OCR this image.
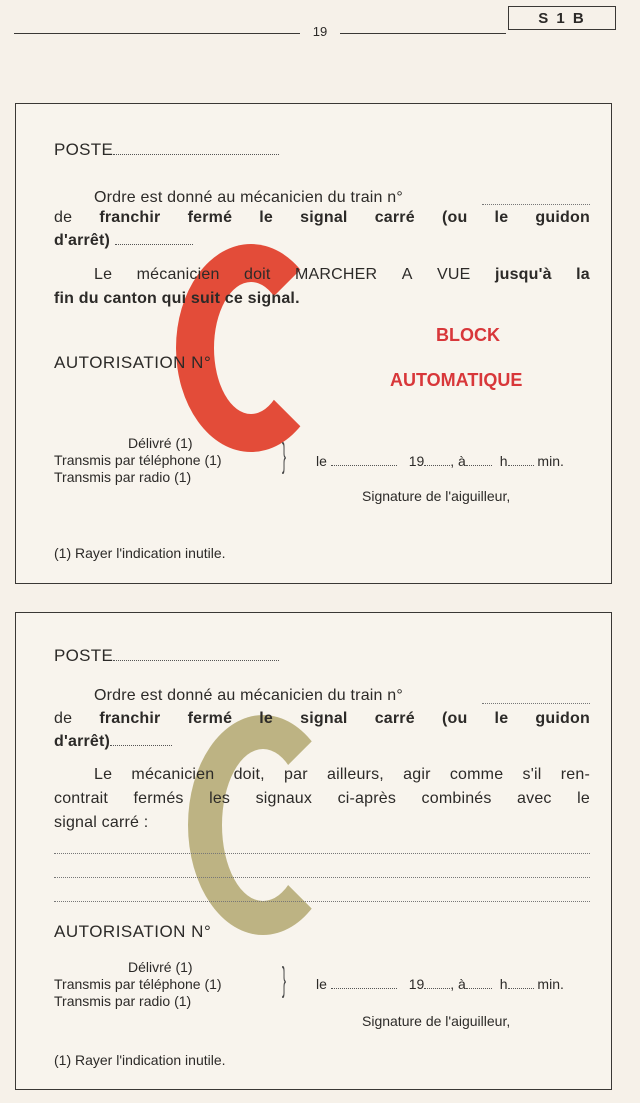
19
S 1 B
POSTE
Ordre est donné au mécanicien du train n°
de franchir fermé le signal carré (ou le guidon
d'arrêt)
Le mécanicien doit MARCHER A VUE jusqu'à la
fin du canton qui suit ce signal.
BLOCK
AUTORISATION N°
AUTOMATIQUE
Délivré (1)
Transmis par téléphone (1)
Transmis par radio (1)
} le	19 , à h min.
Signature de l'aiguilleur,
(1) Rayer l'indication inutile.
POSTE
Ordre est donné au mécanicien du train n°
de franchir fermé le signal carré (ou le guidon
d'arrêt)
Le mécanicien doit, par ailleurs, agir comme s'il ren-
contrait fermés les signaux ci-après combinés avec le
signal carré :
AUTORISATION N°
Délivré (1)
Transmis par téléphone (1)
Transmis par radio (1)
} le	19 , à h min.
Signature de l'aiguilleur,
(1) Rayer l'indication inutile.
